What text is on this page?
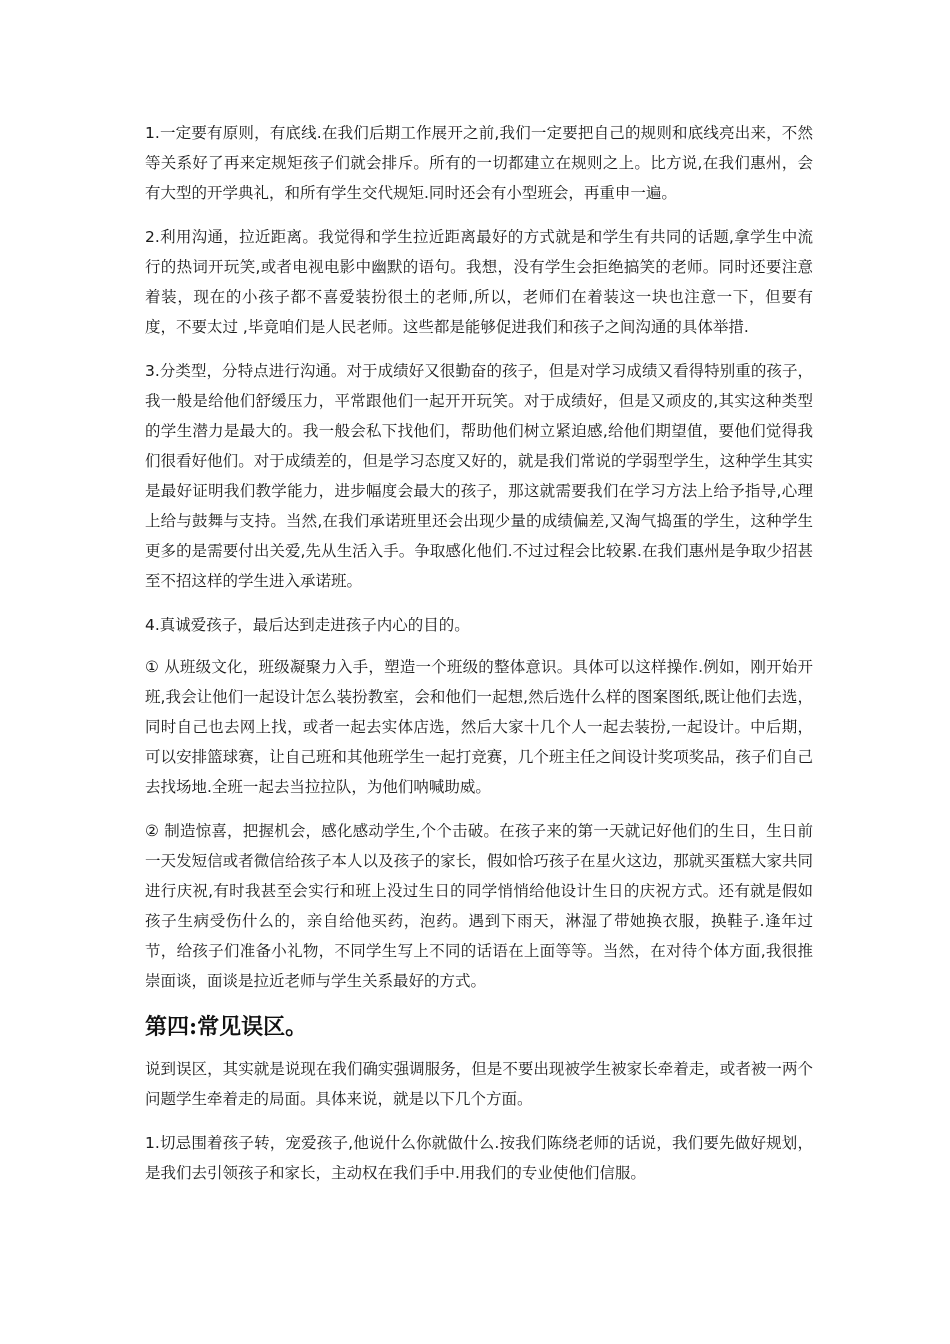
1.一定要有原则，有底线.在我们后期工作展开之前,我们一定要把自己的规则和底线亮出来，不然等关系好了再来定规矩孩子们就会排斥。所有的一切都建立在规则之上。比方说,在我们惠州，会有大型的开学典礼，和所有学生交代规矩.同时还会有小型班会，再重申一遍。

2.利用沟通，拉近距离。我觉得和学生拉近距离最好的方式就是和学生有共同的话题,拿学生中流行的热词开玩笑,或者电视电影中幽默的语句。我想，没有学生会拒绝搞笑的老师。同时还要注意着装，现在的小孩子都不喜爱装扮很土的老师,所以，老师们在着装这一块也注意一下，但要有度，不要太过 ,毕竟咱们是人民老师。这些都是能够促进我们和孩子之间沟通的具体举措.

3.分类型，分特点进行沟通。对于成绩好又很勤奋的孩子，但是对学习成绩又看得特别重的孩子，我一般是给他们舒缓压力，平常跟他们一起开开玩笑。对于成绩好，但是又顽皮的,其实这种类型的学生潜力是最大的。我一般会私下找他们，帮助他们树立紧迫感,给他们期望值，要他们觉得我们很看好他们。对于成绩差的，但是学习态度又好的，就是我们常说的学弱型学生，这种学生其实是最好证明我们教学能力，进步幅度会最大的孩子，那这就需要我们在学习方法上给予指导,心理上给与鼓舞与支持。当然,在我们承诺班里还会出现少量的成绩偏差,又淘气捣蛋的学生，这种学生更多的是需要付出关爱,先从生活入手。争取感化他们.不过过程会比较累.在我们惠州是争取少招甚至不招这样的学生进入承诺班。

4.真诚爱孩子，最后达到走进孩子内心的目的。

① 从班级文化，班级凝聚力入手，塑造一个班级的整体意识。具体可以这样操作.例如，刚开始开班,我会让他们一起设计怎么装扮教室，会和他们一起想,然后选什么样的图案图纸,既让他们去选，同时自己也去网上找，或者一起去实体店选，然后大家十几个人一起去装扮,一起设计。中后期，可以安排篮球赛，让自己班和其他班学生一起打竞赛，几个班主任之间设计奖项奖品，孩子们自己去找场地.全班一起去当拉拉队，为他们呐喊助威。

② 制造惊喜，把握机会，感化感动学生,个个击破。在孩子来的第一天就记好他们的生日，生日前一天发短信或者微信给孩子本人以及孩子的家长，假如恰巧孩子在星火这边，那就买蛋糕大家共同进行庆祝,有时我甚至会实行和班上没过生日的同学悄悄给他设计生日的庆祝方式。还有就是假如孩子生病受伤什么的，亲自给他买药，泡药。遇到下雨天，淋湿了带她换衣服，换鞋子.逢年过节，给孩子们准备小礼物，不同学生写上不同的话语在上面等等。当然，在对待个体方面,我很推崇面谈，面谈是拉近老师与学生关系最好的方式。

第四:常见误区。

说到误区，其实就是说现在我们确实强调服务，但是不要出现被学生被家长牵着走，或者被一两个问题学生牵着走的局面。具体来说，就是以下几个方面。

1.切忌围着孩子转，宠爱孩子,他说什么你就做什么.按我们陈绕老师的话说，我们要先做好规划，是我们去引领孩子和家长，主动权在我们手中.用我们的专业使他们信服。
